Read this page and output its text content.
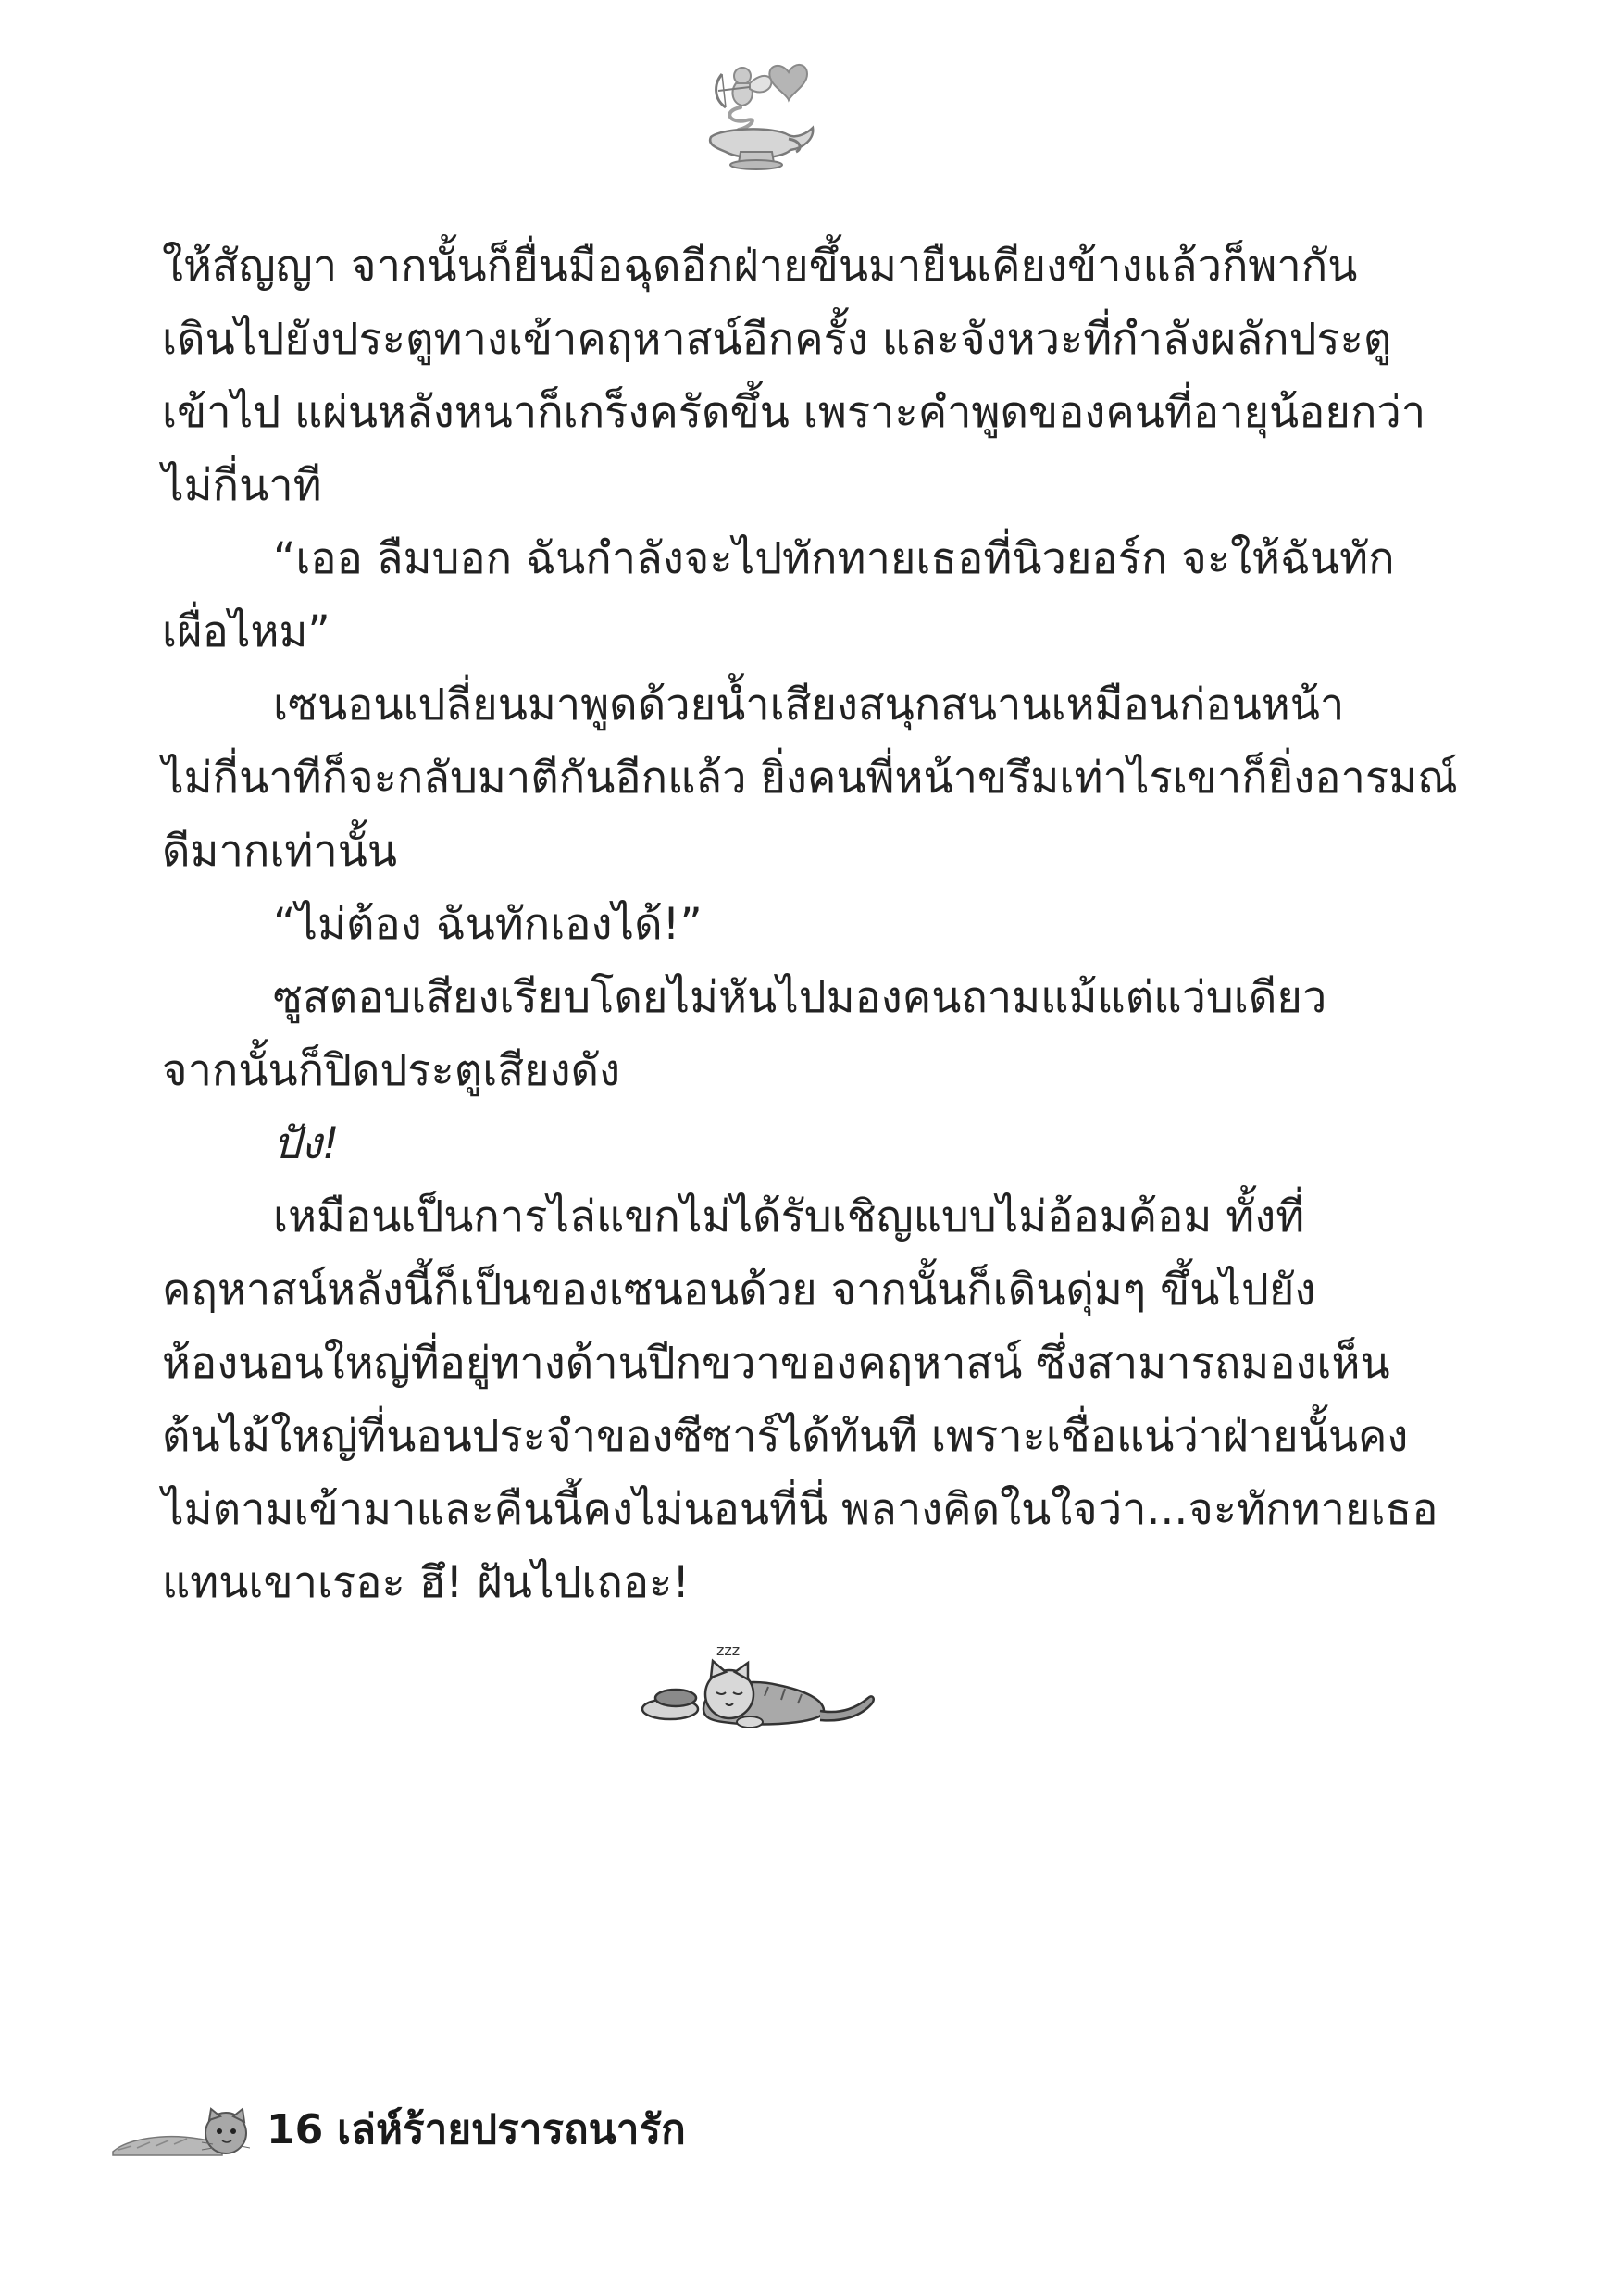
ให้สัญญา จากนั้นก็ยื่นมือฉุดอีกฝ่ายขึ้นมายืนเคียงข้างแล้วก็พากัน
เดินไปยังประตูทางเข้าคฤหาสน์อีกครั้ง และจังหวะที่กำลังผลักประตู
เข้าไป แผ่นหลังหนาก็เกร็งครัดขึ้น เพราะคำพูดของคนที่อายุน้อยกว่า
ไม่กี่นาที
“เออ ลืมบอก ฉันกำลังจะไปทักทายเธอที่นิวยอร์ก จะให้ฉันทัก
เผื่อไหม”
เซนอนเปลี่ยนมาพูดด้วยน้ำเสียงสนุกสนานเหมือนก่อนหน้า
ไม่กี่นาทีก็จะกลับมาตีกันอีกแล้ว ยิ่งคนพี่หน้าขรึมเท่าไรเขาก็ยิ่งอารมณ์
ดีมากเท่านั้น
“ไม่ต้อง ฉันทักเองได้!”
ซูสตอบเสียงเรียบโดยไม่หันไปมองคนถามแม้แต่แว่บเดียว
จากนั้นก็ปิดประตูเสียงดัง
ปัง!
เหมือนเป็นการไล่แขกไม่ได้รับเชิญแบบไม่อ้อมค้อม ทั้งที่
คฤหาสน์หลังนี้ก็เป็นของเซนอนด้วย จากนั้นก็เดินดุ่มๆ ขึ้นไปยัง
ห้องนอนใหญ่ที่อยู่ทางด้านปีกขวาของคฤหาสน์ ซึ่งสามารถมองเห็น
ต้นไม้ใหญ่ที่นอนประจำของซีซาร์ได้ทันที เพราะเชื่อแน่ว่าฝ่ายนั้นคง
ไม่ตามเข้ามาและคืนนี้คงไม่นอนที่นี่ พลางคิดในใจว่า...จะทักทายเธอ
แทนเขาเรอะ ฮึ! ฝันไปเถอะ!
zzz
16 เล่ห์ร้ายปรารถนารัก
